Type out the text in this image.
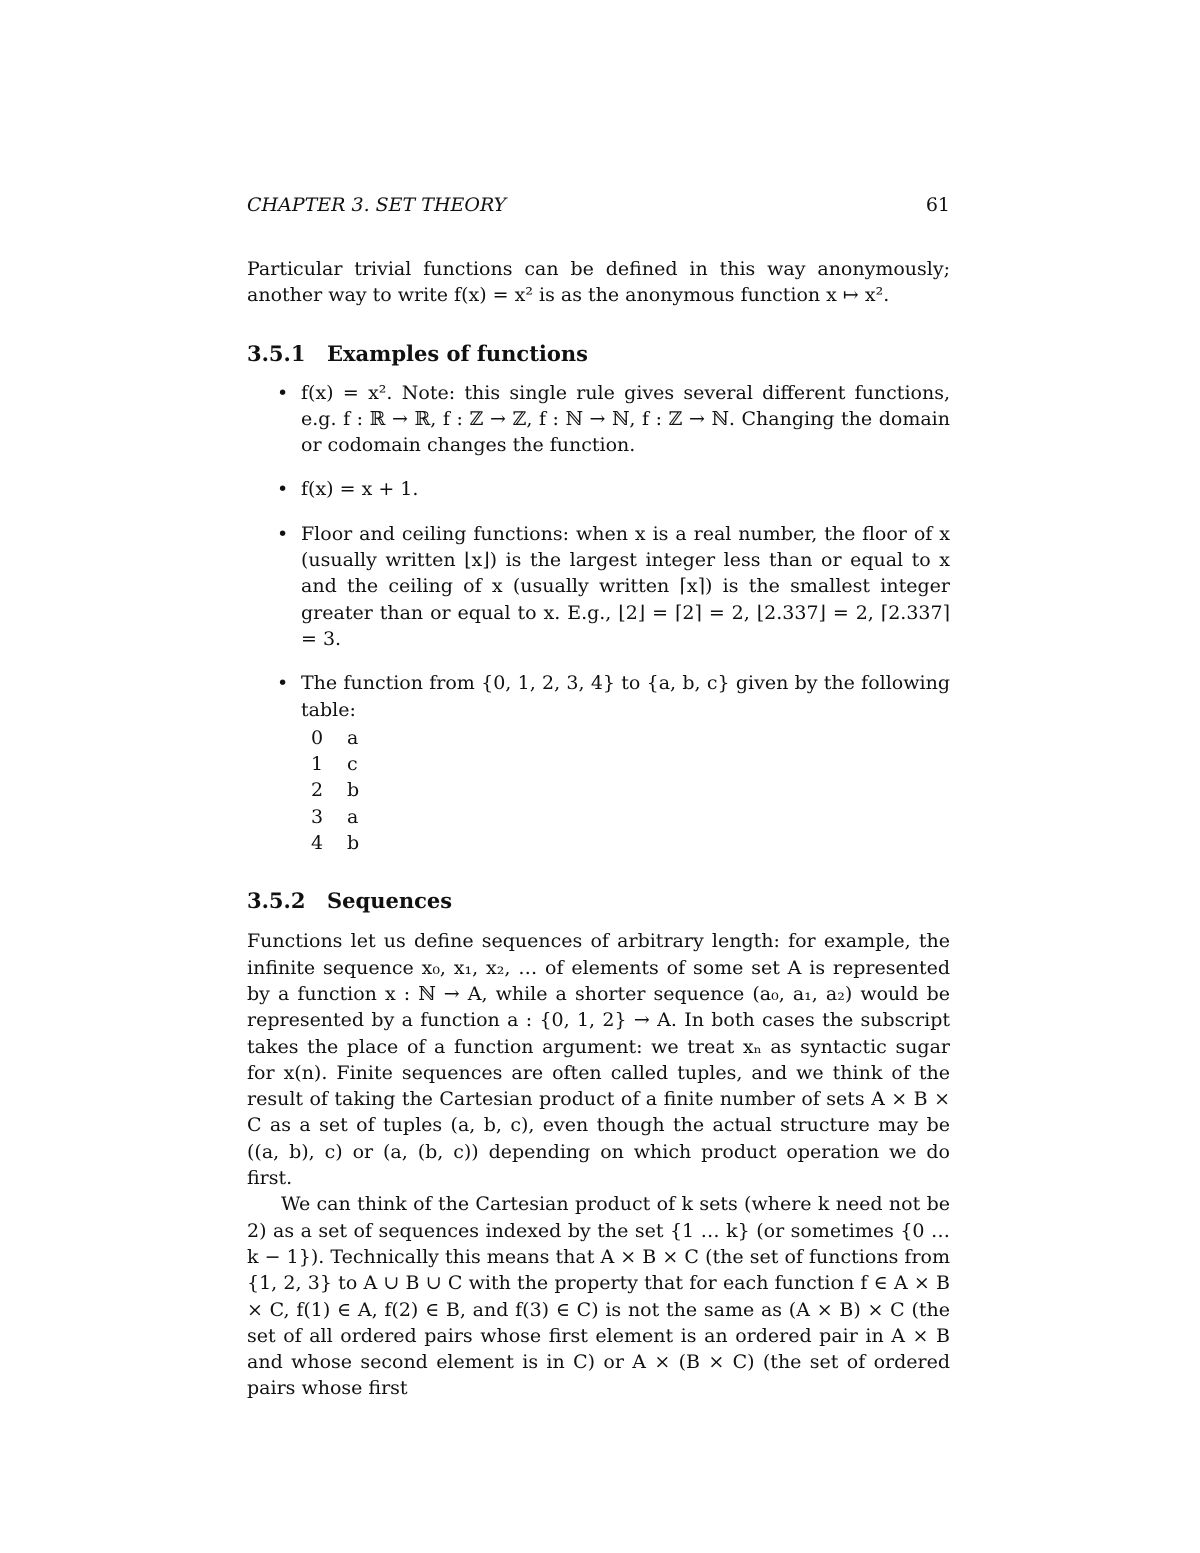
CHAPTER 3. SET THEORY	61

Particular trivial functions can be defined in this way anonymously; another way to write f(x) = x² is as the anonymous function x ↦ x².

3.5.1 Examples of functions
• f(x) = x². Note: this single rule gives several different functions, e.g. f : ℝ → ℝ, f : ℤ → ℤ, f : ℕ → ℕ, f : ℤ → ℕ. Changing the domain or codomain changes the function.
• f(x) = x + 1.
• Floor and ceiling functions: when x is a real number, the floor of x (usually written ⌊x⌋) is the largest integer less than or equal to x and the ceiling of x (usually written ⌈x⌉) is the smallest integer greater than or equal to x. E.g., ⌊2⌋ = ⌈2⌉ = 2, ⌊2.337⌋ = 2, ⌈2.337⌉ = 3.
• The function from {0, 1, 2, 3, 4} to {a, b, c} given by the following table:
0	a
1	c
2	b
3	a
4	b
3.5.2 Sequences

Functions let us define sequences of arbitrary length: for example, the infinite sequence x₀, x₁, x₂, … of elements of some set A is represented by a function x : ℕ → A, while a shorter sequence (a₀, a₁, a₂) would be represented by a function a : {0, 1, 2} → A. In both cases the subscript takes the place of a function argument: we treat xₙ as syntactic sugar for x(n). Finite sequences are often called tuples, and we think of the result of taking the Cartesian product of a finite number of sets A × B × C as a set of tuples (a, b, c), even though the actual structure may be ((a, b), c) or (a, (b, c)) depending on which product operation we do first.

We can think of the Cartesian product of k sets (where k need not be 2) as a set of sequences indexed by the set {1 … k} (or sometimes {0 … k − 1}). Technically this means that A × B × C (the set of functions from {1, 2, 3} to A ∪ B ∪ C with the property that for each function f ∈ A × B × C, f(1) ∈ A, f(2) ∈ B, and f(3) ∈ C) is not the same as (A × B) × C (the set of all ordered pairs whose first element is an ordered pair in A × B and whose second element is in C) or A × (B × C) (the set of ordered pairs whose first
